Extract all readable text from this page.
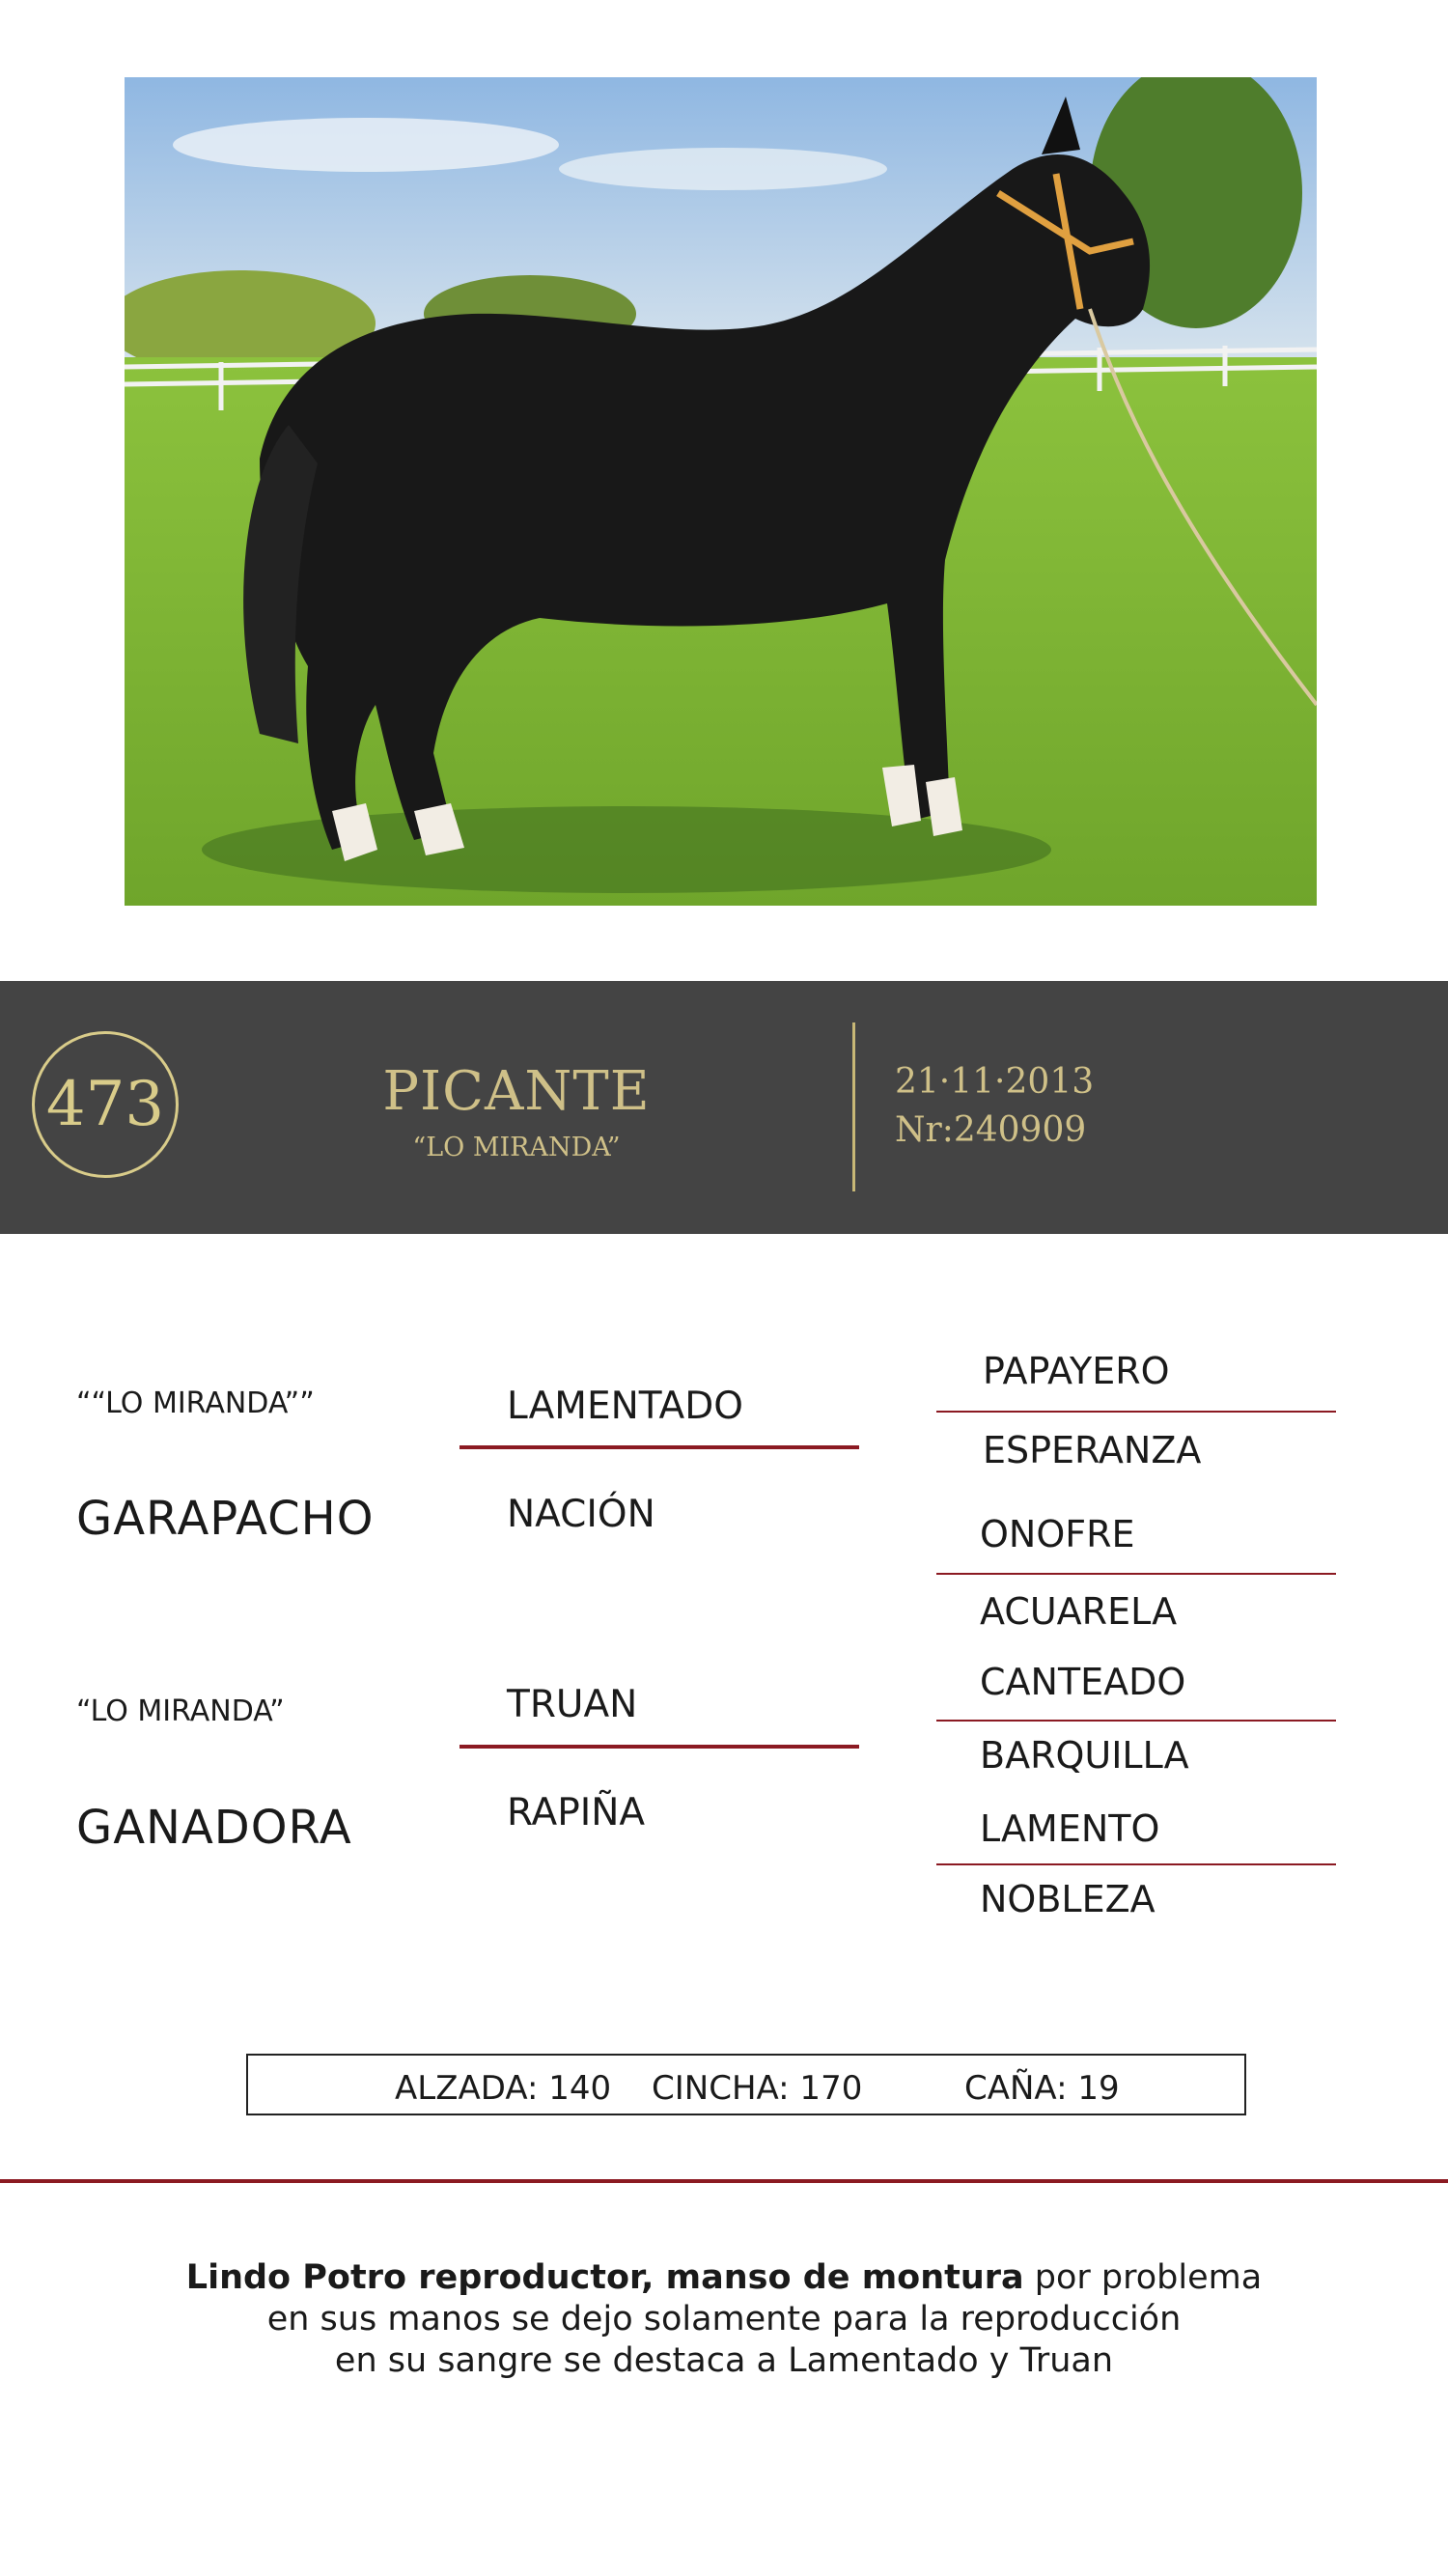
473	PICANTE
“LO MIRANDA”
21·11·2013
Nr:240909
““LO MIRANDA””
GARAPACHO
“LO MIRANDA”
GANADORA
LAMENTADO
NACIÓN
TRUAN
RAPIÑA
PAPAYERO
ESPERANZA
ONOFRE
ACUARELA
CANTEADO
BARQUILLA
LAMENTO
NOBLEZA
ALZADA: 140 CINCHA: 170	CAÑA: 19
Lindo Potro reproductor, manso de montura por problema
en sus manos se dejo solamente para la reproducción
en su sangre se destaca a Lamentado y Truan
